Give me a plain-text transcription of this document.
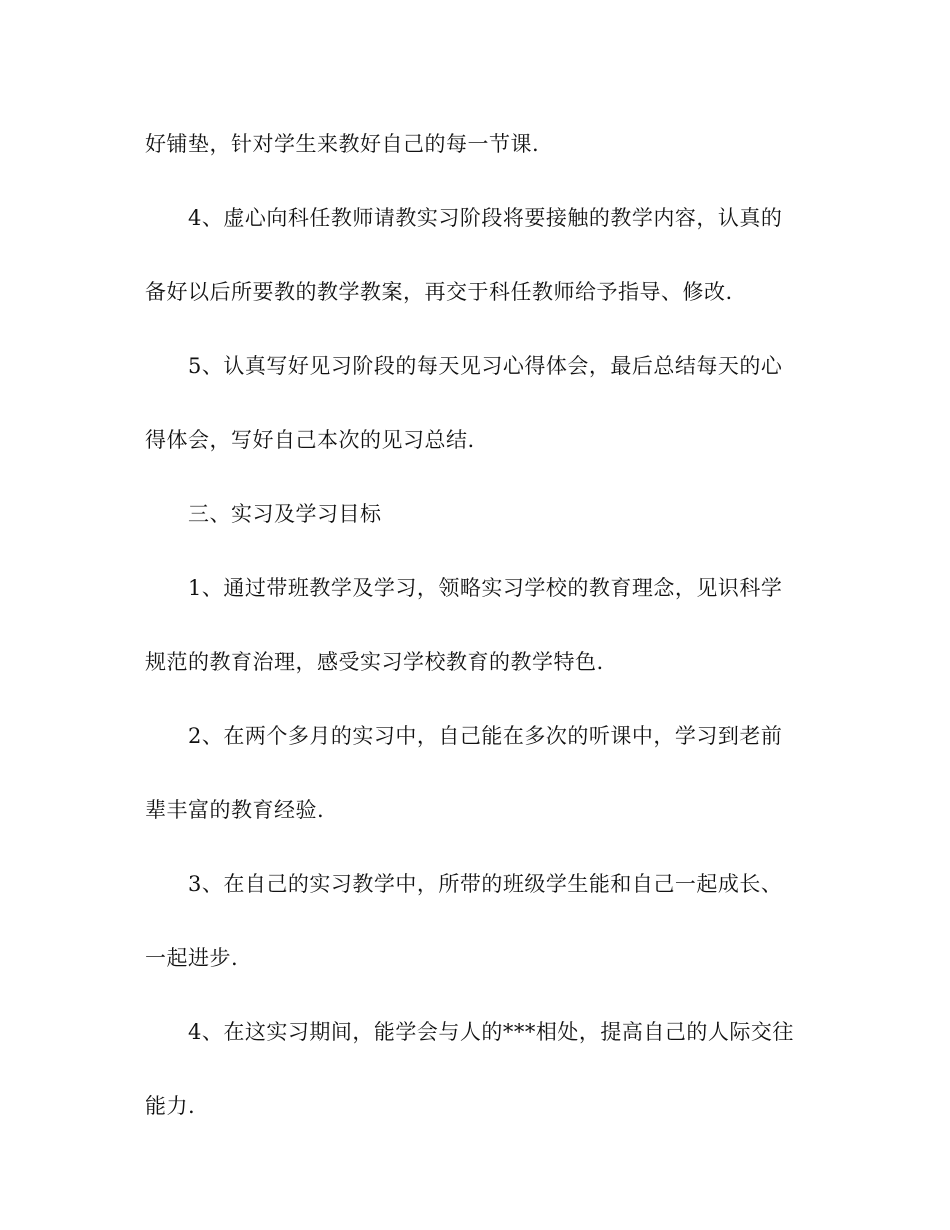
好铺垫，针对学生来教好自己的每一节课.
4、虚心向科任教师请教实习阶段将要接触的教学内容，认真的
备好以后所要教的教学教案，再交于科任教师给予指导、修改.
5、认真写好见习阶段的每天见习心得体会，最后总结每天的心
得体会，写好自己本次的见习总结.
三、实习及学习目标
1、通过带班教学及学习，领略实习学校的教育理念，见识科学
规范的教育治理，感受实习学校教育的教学特色.
2、在两个多月的实习中，自己能在多次的听课中，学习到老前
辈丰富的教育经验.
3、在自己的实习教学中，所带的班级学生能和自己一起成长、
一起进步.
4、在这实习期间，能学会与人的***相处，提高自己的人际交往
能力.
